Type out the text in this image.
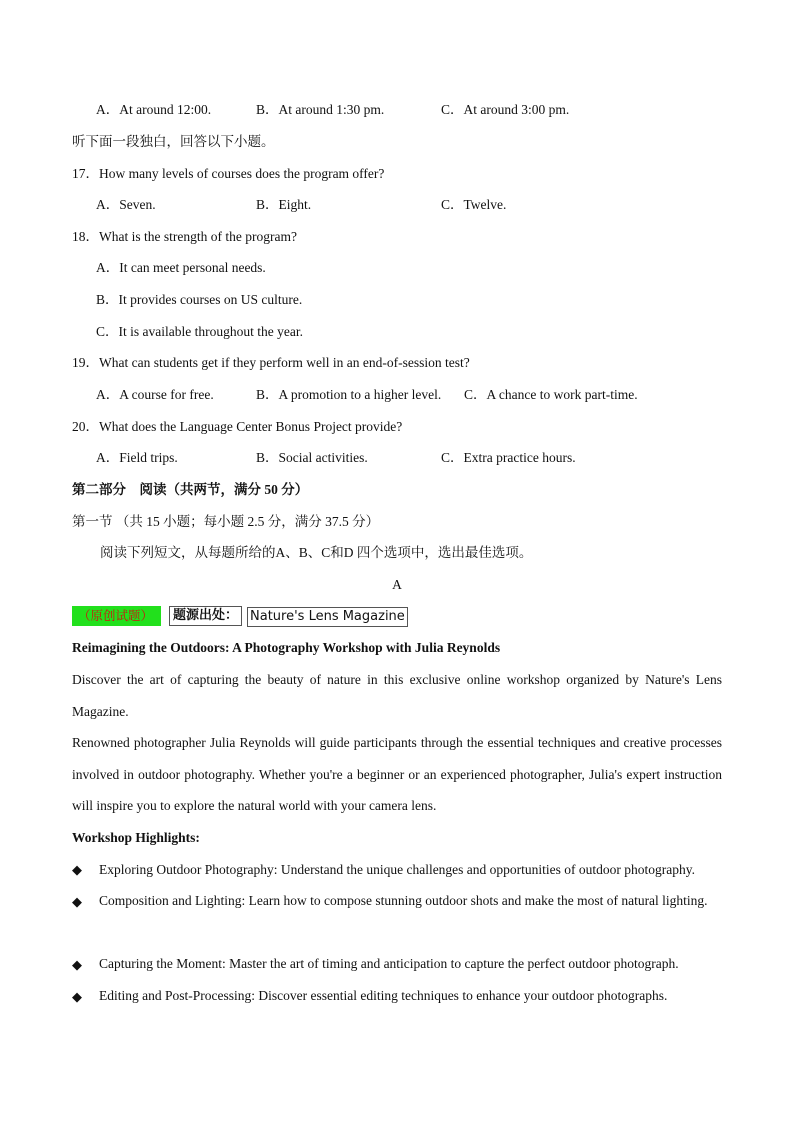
A．At around 12:00.	B．At around 1:30 pm.	C．At around 3:00 pm.
听下面一段独白，回答以下小题。
17．How many levels of courses does the program offer?
A．Seven.	B．Eight.	C．Twelve.
18．What is the strength of the program?
A．It can meet personal needs.
B．It provides courses on US culture.
C．It is available throughout the year.
19．What can students get if they perform well in an end-of-session test?
A．A course for free.	B．A promotion to a higher level. C．A chance to work part-time.
20．What does the Language Center Bonus Project provide?
A．Field trips.	B．Social activities.	C．Extra practice hours.
第二部分　阅读（共两节，满分 50 分）
第一节 （共 15 小题；每小题 2.5 分，满分 37.5 分）
阅读下列短文，从每题所给的A、B、C和D 四个选项中，选出最佳选项。
A
（原创试题）	题源出处： Nature's Lens Magazine
Reimagining the Outdoors: A Photography Workshop with Julia Reynolds
Discover the art of capturing the beauty of nature in this exclusive online workshop organized by Nature's Lens Magazine.
Renowned photographer Julia Reynolds will guide participants through the essential techniques and creative processes involved in outdoor photography. Whether you're a beginner or an experienced photographer, Julia's expert instruction will inspire you to explore the natural world with your camera lens.
Workshop Highlights:
◆ Exploring Outdoor Photography: Understand the unique challenges and opportunities of outdoor photography.
◆ Composition and Lighting: Learn how to compose stunning outdoor shots and make the most of natural lighting.
◆ Capturing the Moment: Master the art of timing and anticipation to capture the perfect outdoor photograph.
◆ Editing and Post-Processing: Discover essential editing techniques to enhance your outdoor photographs.
